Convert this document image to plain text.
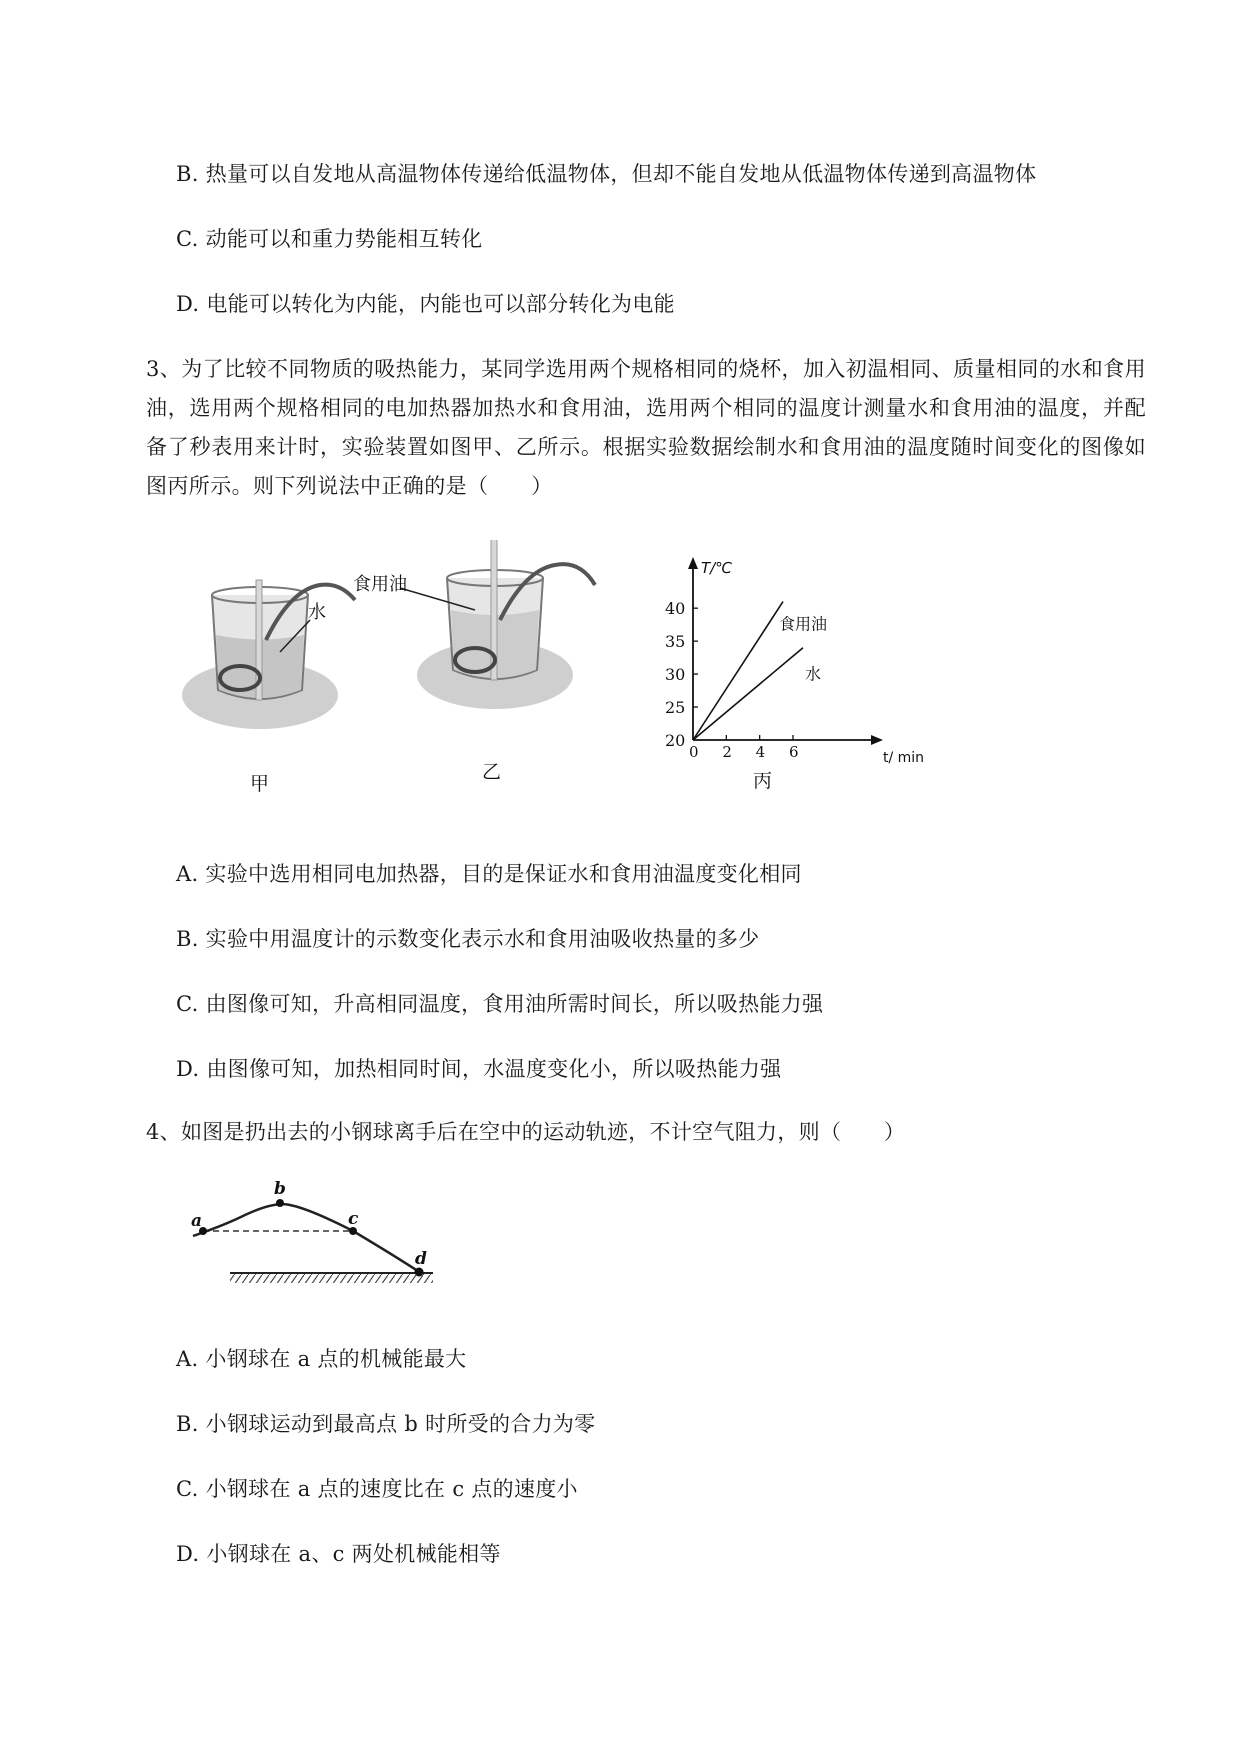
B. 热量可以自发地从高温物体传递给低温物体，但却不能自发地从低温物体传递到高温物体
C. 动能可以和重力势能相互转化
D. 电能可以转化为内能，内能也可以部分转化为电能
3、为了比较不同物质的吸热能力，某同学选用两个规格相同的烧杯，加入初温相同、质量相同的水和食用油，选用两个规格相同的电加热器加热水和食用油，选用两个相同的温度计测量水和食用油的温度，并配备了秒表用来计时，实验装置如图甲、乙所示。根据实验数据绘制水和食用油的温度随时间变化的图像如图丙所示。则下列说法中正确的是（　　）
水
甲
食用油
乙
20
25
30
35
40
0 2 4 6
食用油
水
T/℃
t/ min
丙
A. 实验中选用相同电加热器，目的是保证水和食用油温度变化相同
B. 实验中用温度计的示数变化表示水和食用油吸收热量的多少
C. 由图像可知，升高相同温度，食用油所需时间长，所以吸热能力强
D. 由图像可知，加热相同时间，水温度变化小，所以吸热能力强
4、如图是扔出去的小钢球离手后在空中的运动轨迹，不计空气阻力，则（　　）
a
b
c
d
A. 小钢球在 a 点的机械能最大
B. 小钢球运动到最高点 b 时所受的合力为零
C. 小钢球在 a 点的速度比在 c 点的速度小
D. 小钢球在 a、c 两处机械能相等
